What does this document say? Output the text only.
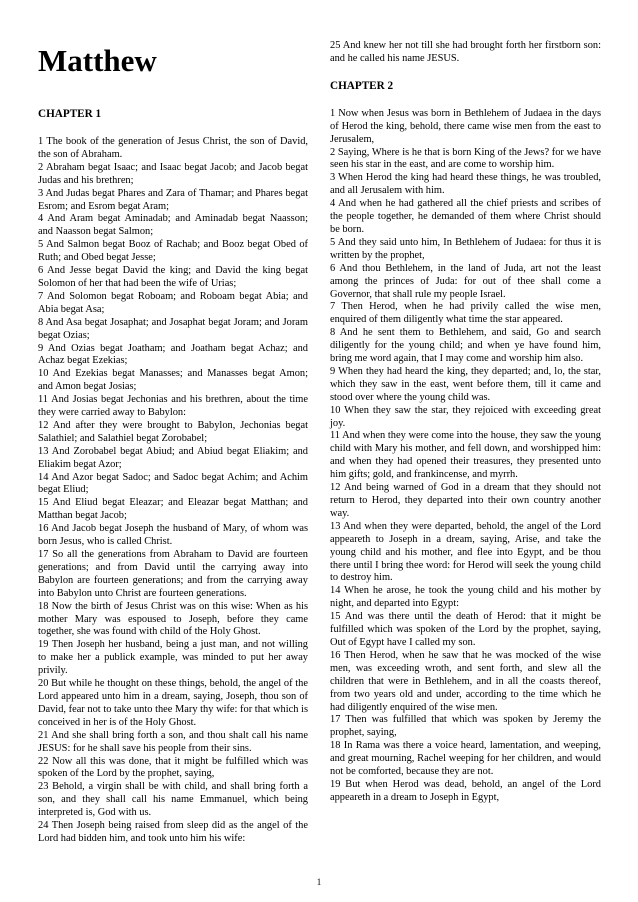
Matthew
CHAPTER 1

1 The book of the generation of Jesus Christ, the son of David, the son of Abraham.

2 Abraham begat Isaac; and Isaac begat Jacob; and Jacob begat Judas and his brethren;

3 And Judas begat Phares and Zara of Thamar; and Phares begat Esrom; and Esrom begat Aram;

4 And Aram begat Aminadab; and Aminadab begat Naasson; and Naasson begat Salmon;

5 And Salmon begat Booz of Rachab; and Booz begat Obed of Ruth; and Obed begat Jesse;

6 And Jesse begat David the king; and David the king begat Solomon of her that had been the wife of Urias;

7 And Solomon begat Roboam; and Roboam begat Abia; and Abia begat Asa;

8 And Asa begat Josaphat; and Josaphat begat Joram; and Joram begat Ozias;

9 And Ozias begat Joatham; and Joatham begat Achaz; and Achaz begat Ezekias;

10 And Ezekias begat Manasses; and Manasses begat Amon; and Amon begat Josias;

11 And Josias begat Jechonias and his brethren, about the time they were carried away to Babylon:

12 And after they were brought to Babylon, Jechonias begat Salathiel; and Salathiel begat Zorobabel;

13 And Zorobabel begat Abiud; and Abiud begat Eliakim; and Eliakim begat Azor;

14 And Azor begat Sadoc; and Sadoc begat Achim; and Achim begat Eliud;

15 And Eliud begat Eleazar; and Eleazar begat Matthan; and Matthan begat Jacob;

16 And Jacob begat Joseph the husband of Mary, of whom was born Jesus, who is called Christ.

17 So all the generations from Abraham to David are fourteen generations; and from David until the carrying away into Babylon are fourteen generations; and from the carrying away into Babylon unto Christ are fourteen generations.

18 Now the birth of Jesus Christ was on this wise: When as his mother Mary was espoused to Joseph, before they came together, she was found with child of the Holy Ghost.

19 Then Joseph her husband, being a just man, and not willing to make her a publick example, was minded to put her away privily.

20 But while he thought on these things, behold, the angel of the Lord appeared unto him in a dream, saying, Joseph, thou son of David, fear not to take unto thee Mary thy wife: for that which is conceived in her is of the Holy Ghost.

21 And she shall bring forth a son, and thou shalt call his name JESUS: for he shall save his people from their sins.

22 Now all this was done, that it might be fulfilled which was spoken of the Lord by the prophet, saying,

23 Behold, a virgin shall be with child, and shall bring forth a son, and they shall call his name Emmanuel, which being interpreted is, God with us.

24 Then Joseph being raised from sleep did as the angel of the Lord had bidden him, and took unto him his wife:

25 And knew her not till she had brought forth her firstborn son: and he called his name JESUS.

CHAPTER 2

1 Now when Jesus was born in Bethlehem of Judaea in the days of Herod the king, behold, there came wise men from the east to Jerusalem,

2 Saying, Where is he that is born King of the Jews? for we have seen his star in the east, and are come to worship him.

3 When Herod the king had heard these things, he was troubled, and all Jerusalem with him.

4 And when he had gathered all the chief priests and scribes of the people together, he demanded of them where Christ should be born.

5 And they said unto him, In Bethlehem of Judaea: for thus it is written by the prophet,

6 And thou Bethlehem, in the land of Juda, art not the least among the princes of Juda: for out of thee shall come a Governor, that shall rule my people Israel.

7 Then Herod, when he had privily called the wise men, enquired of them diligently what time the star appeared.

8 And he sent them to Bethlehem, and said, Go and search diligently for the young child; and when ye have found him, bring me word again, that I may come and worship him also.

9 When they had heard the king, they departed; and, lo, the star, which they saw in the east, went before them, till it came and stood over where the young child was.

10 When they saw the star, they rejoiced with exceeding great joy.

11 And when they were come into the house, they saw the young child with Mary his mother, and fell down, and worshipped him: and when they had opened their treasures, they presented unto him gifts; gold, and frankincense, and myrrh.

12 And being warned of God in a dream that they should not return to Herod, they departed into their own country another way.

13 And when they were departed, behold, the angel of the Lord appeareth to Joseph in a dream, saying, Arise, and take the young child and his mother, and flee into Egypt, and be thou there until I bring thee word: for Herod will seek the young child to destroy him.

14 When he arose, he took the young child and his mother by night, and departed into Egypt:

15 And was there until the death of Herod: that it might be fulfilled which was spoken of the Lord by the prophet, saying, Out of Egypt have I called my son.

16 Then Herod, when he saw that he was mocked of the wise men, was exceeding wroth, and sent forth, and slew all the children that were in Bethlehem, and in all the coasts thereof, from two years old and under, according to the time which he had diligently enquired of the wise men.

17 Then was fulfilled that which was spoken by Jeremy the prophet, saying,

18 In Rama was there a voice heard, lamentation, and weeping, and great mourning, Rachel weeping for her children, and would not be comforted, because they are not.

19 But when Herod was dead, behold, an angel of the Lord appeareth in a dream to Joseph in Egypt,

1
